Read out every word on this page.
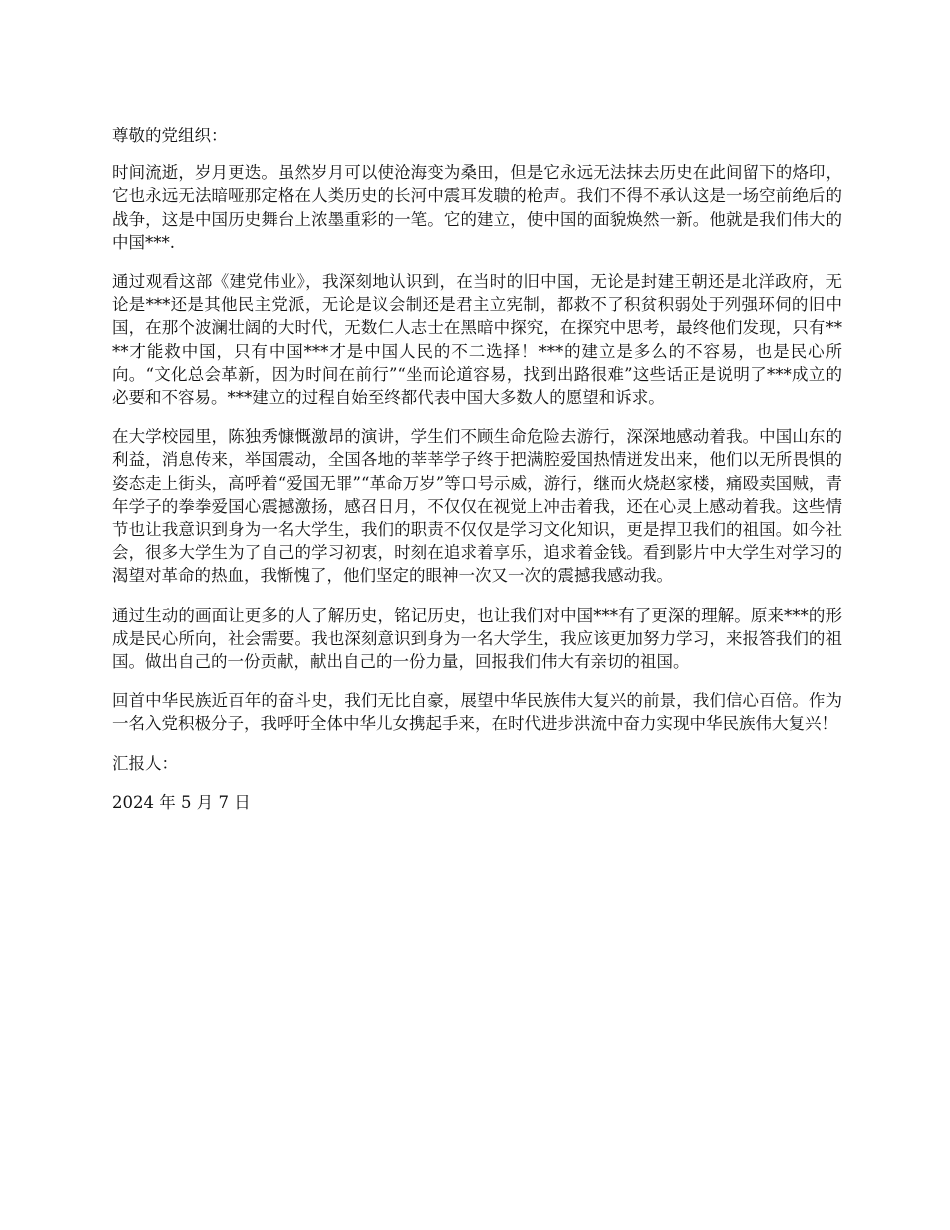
尊敬的党组织：

时间流逝，岁月更迭。虽然岁月可以使沧海变为桑田，但是它永远无法抹去历史在此间留下的烙印，它也永远无法暗哑那定格在人类历史的长河中震耳发聩的枪声。我们不得不承认这是一场空前绝后的战争，这是中国历史舞台上浓墨重彩的一笔。它的建立，使中国的面貌焕然一新。他就是我们伟大的中国***.

通过观看这部《建党伟业》，我深刻地认识到，在当时的旧中国，无论是封建王朝还是北洋政府，无论是***还是其他民主党派，无论是议会制还是君主立宪制，都救不了积贫积弱处于列强环伺的旧中国，在那个波澜壮阔的大时代，无数仁人志士在黑暗中探究，在探究中思考，最终他们发现，只有****才能救中国，只有中国***才是中国人民的不二选择！***的建立是多么的不容易，也是民心所向。“文化总会革新，因为时间在前行”“坐而论道容易，找到出路很难”这些话正是说明了***成立的必要和不容易。***建立的过程自始至终都代表中国大多数人的愿望和诉求。

在大学校园里，陈独秀慷慨激昂的演讲，学生们不顾生命危险去游行，深深地感动着我。中国山东的利益，消息传来，举国震动，全国各地的莘莘学子终于把满腔爱国热情迸发出来，他们以无所畏惧的姿态走上街头，高呼着“爱国无罪”“革命万岁”等口号示威，游行，继而火烧赵家楼，痛殴卖国贼，青年学子的拳拳爱国心震撼激扬，感召日月，不仅仅在视觉上冲击着我，还在心灵上感动着我。这些情节也让我意识到身为一名大学生，我们的职责不仅仅是学习文化知识，更是捍卫我们的祖国。如今社会，很多大学生为了自己的学习初衷，时刻在追求着享乐，追求着金钱。看到影片中大学生对学习的渴望对革命的热血，我惭愧了，他们坚定的眼神一次又一次的震撼我感动我。

通过生动的画面让更多的人了解历史，铭记历史，也让我们对中国***有了更深的理解。原来***的形成是民心所向，社会需要。我也深刻意识到身为一名大学生，我应该更加努力学习，来报答我们的祖国。做出自己的一份贡献，献出自己的一份力量，回报我们伟大有亲切的祖国。

回首中华民族近百年的奋斗史，我们无比自豪，展望中华民族伟大复兴的前景，我们信心百倍。作为一名入党积极分子，我呼吁全体中华儿女携起手来，在时代进步洪流中奋力实现中华民族伟大复兴！

汇报人：

2024 年 5 月 7 日
